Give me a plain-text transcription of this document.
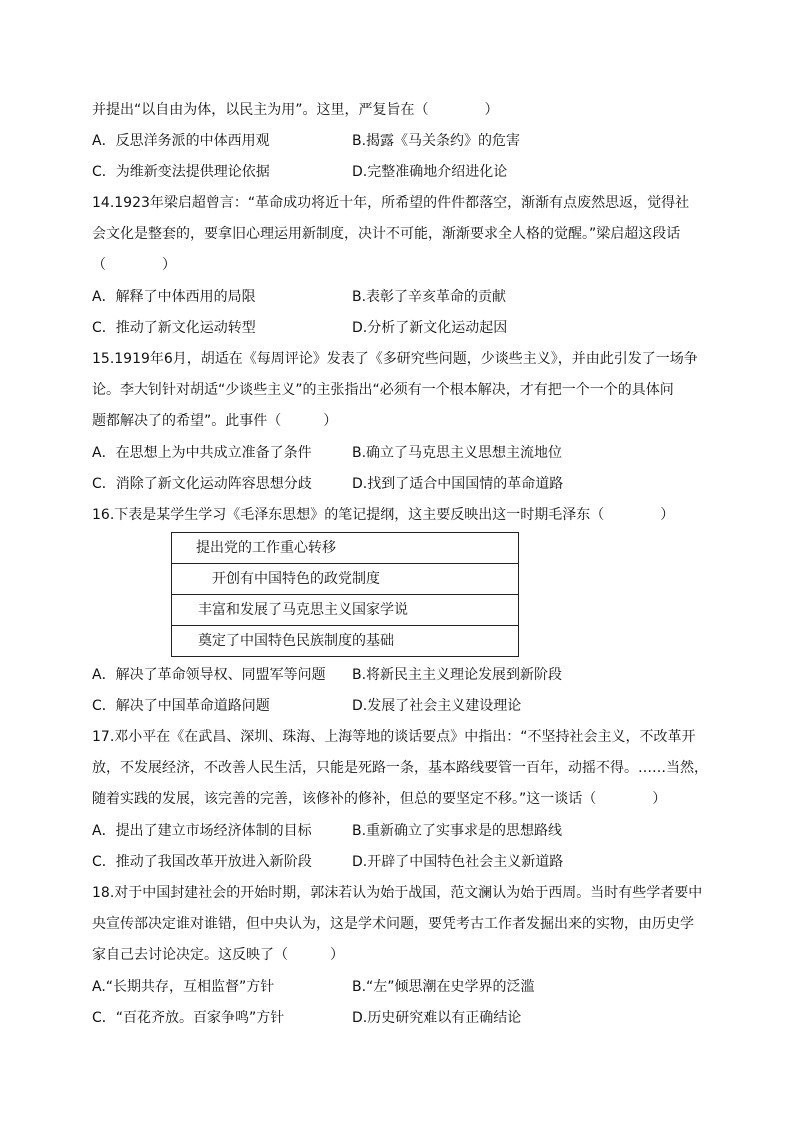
并提出“以自由为体，以民主为用”。这里，严复旨在（　　　　）
A．反思洋务派的中体西用观	B.揭露《马关条约》的危害
C．为维新变法提供理论依据	D.完整准确地介绍进化论
14.1923年梁启超曾言：“革命成功将近十年，所希望的件件都落空，渐渐有点废然思返，觉得社
会文化是整套的，要拿旧心理运用新制度，决计不可能，渐渐要求全人格的觉醒。”梁启超这段话
（　　　　）
A．解释了中体西用的局限	B.表彰了辛亥革命的贡献
C．推动了新文化运动转型	D.分析了新文化运动起因
15.1919年6月，胡适在《每周评论》发表了《多研究些问题，少谈些主义》，并由此引发了一场争
论。李大钊针对胡适“少谈些主义”的主张指出“必须有一个根本解决，才有把一个一个的具体问
题都解决了的希望”。此事件（　　　）
A．在思想上为中共成立准备了条件	B.确立了马克思主义思想主流地位
C．消除了新文化运动阵容思想分歧	D.找到了适合中国国情的革命道路
16.下表是某学生学习《毛泽东思想》的笔记提纲，这主要反映出这一时期毛泽东（　　　　）
提出党的工作重心转移
开创有中国特色的政党制度
丰富和发展了马克思主义国家学说
奠定了中国特色民族制度的基础
A．解决了革命领导权、同盟军等问题 B.将新民主主义理论发展到新阶段
C．解决了中国革命道路问题	D.发展了社会主义建设理论
17.邓小平在《在武昌、深圳、珠海、上海等地的谈话要点》中指出：“不坚持社会主义，不改革开
放，不发展经济，不改善人民生活，只能是死路一条，基本路线要管一百年，动摇不得。……当然，
随着实践的发展，该完善的完善，该修补的修补，但总的要坚定不移。”这一谈话（　　　　）
A．提出了建立市场经济体制的目标	B.重新确立了实事求是的思想路线
C．推动了我国改革开放进入新阶段	D.开辟了中国特色社会主义新道路
18.对于中国封建社会的开始时期，郭沫若认为始于战国，范文澜认为始于西周。当时有些学者要中
央宣传部决定谁对谁错，但中央认为，这是学术问题，要凭考古工作者发掘出来的实物，由历史学
家自己去讨论决定。这反映了（　　　）
A.“长期共存，互相监督”方针	B.“左”倾思潮在史学界的泛滥
C．“百花齐放。百家争鸣”方针	D.历史研究难以有正确结论
